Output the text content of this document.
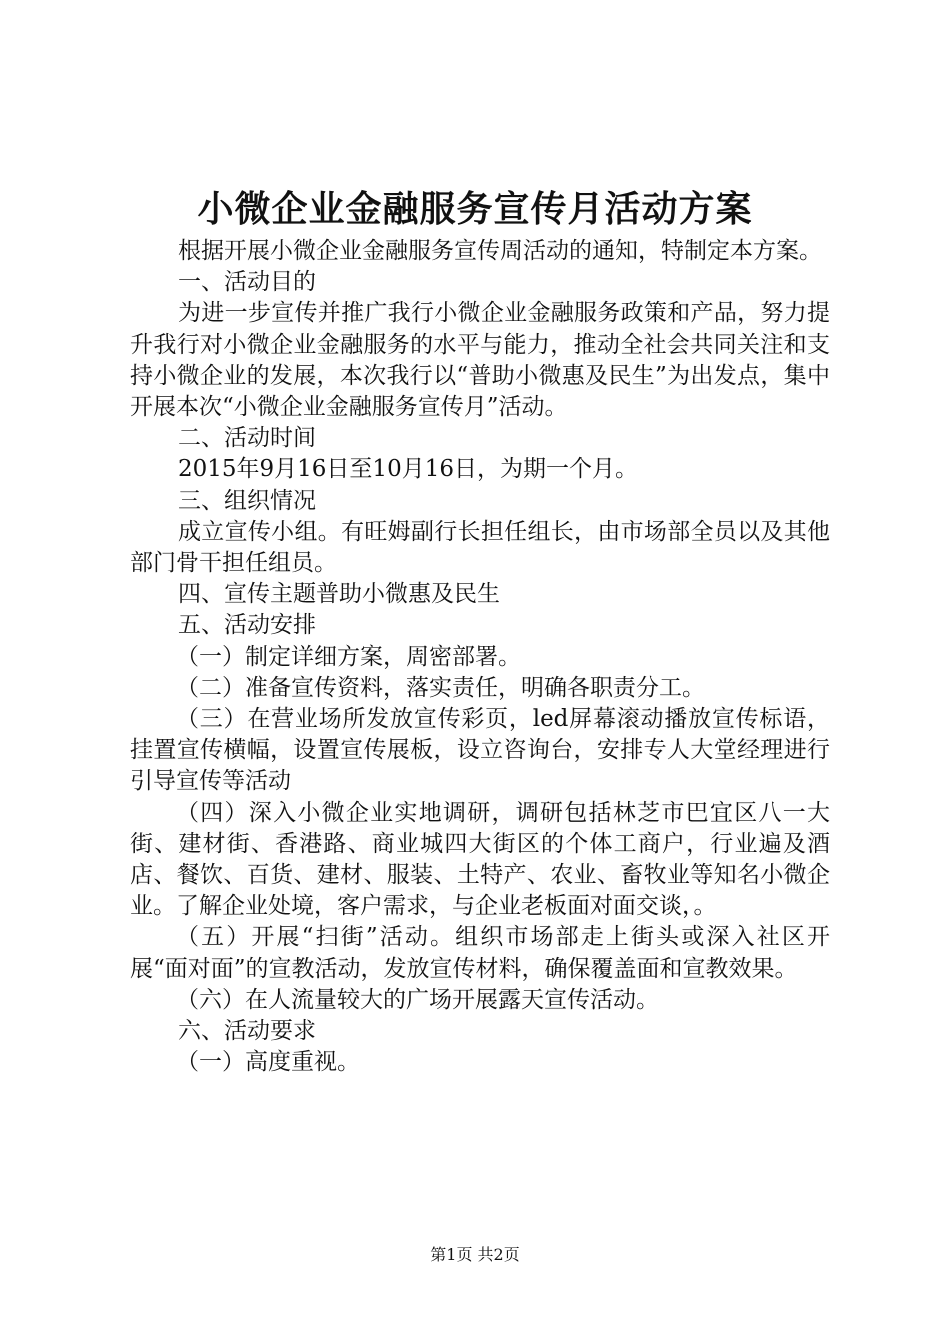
小微企业金融服务宣传月活动方案

根据开展小微企业金融服务宣传周活动的通知，特制定本方案。

一、活动目的

为进一步宣传并推广我行小微企业金融服务政策和产品，努力提升我行对小微企业金融服务的水平与能力，推动全社会共同关注和支持小微企业的发展，本次我行以“普助小微惠及民生”为出发点，集中开展本次“小微企业金融服务宣传月”活动。

二、活动时间

2015年9月16日至10月16日，为期一个月。

三、组织情况

成立宣传小组。有旺姆副行长担任组长，由市场部全员以及其他部门骨干担任组员。

四、宣传主题普助小微惠及民生

五、活动安排

（一）制定详细方案，周密部署。

（二）准备宣传资料，落实责任，明确各职责分工。

（三）在营业场所发放宣传彩页，led屏幕滚动播放宣传标语，挂置宣传横幅，设置宣传展板，设立咨询台，安排专人大堂经理进行引导宣传等活动

（四）深入小微企业实地调研，调研包括林芝市巴宜区八一大街、建材街、香港路、商业城四大街区的个体工商户，行业遍及酒店、餐饮、百货、建材、服装、土特产、农业、畜牧业等知名小微企业。了解企业处境，客户需求，与企业老板面对面交谈，。

（五）开展“扫街”活动。组织市场部走上街头或深入社区开展“面对面”的宣教活动，发放宣传材料，确保覆盖面和宣教效果。

（六）在人流量较大的广场开展露天宣传活动。

六、活动要求

（一）高度重视。

第1页 共2页
